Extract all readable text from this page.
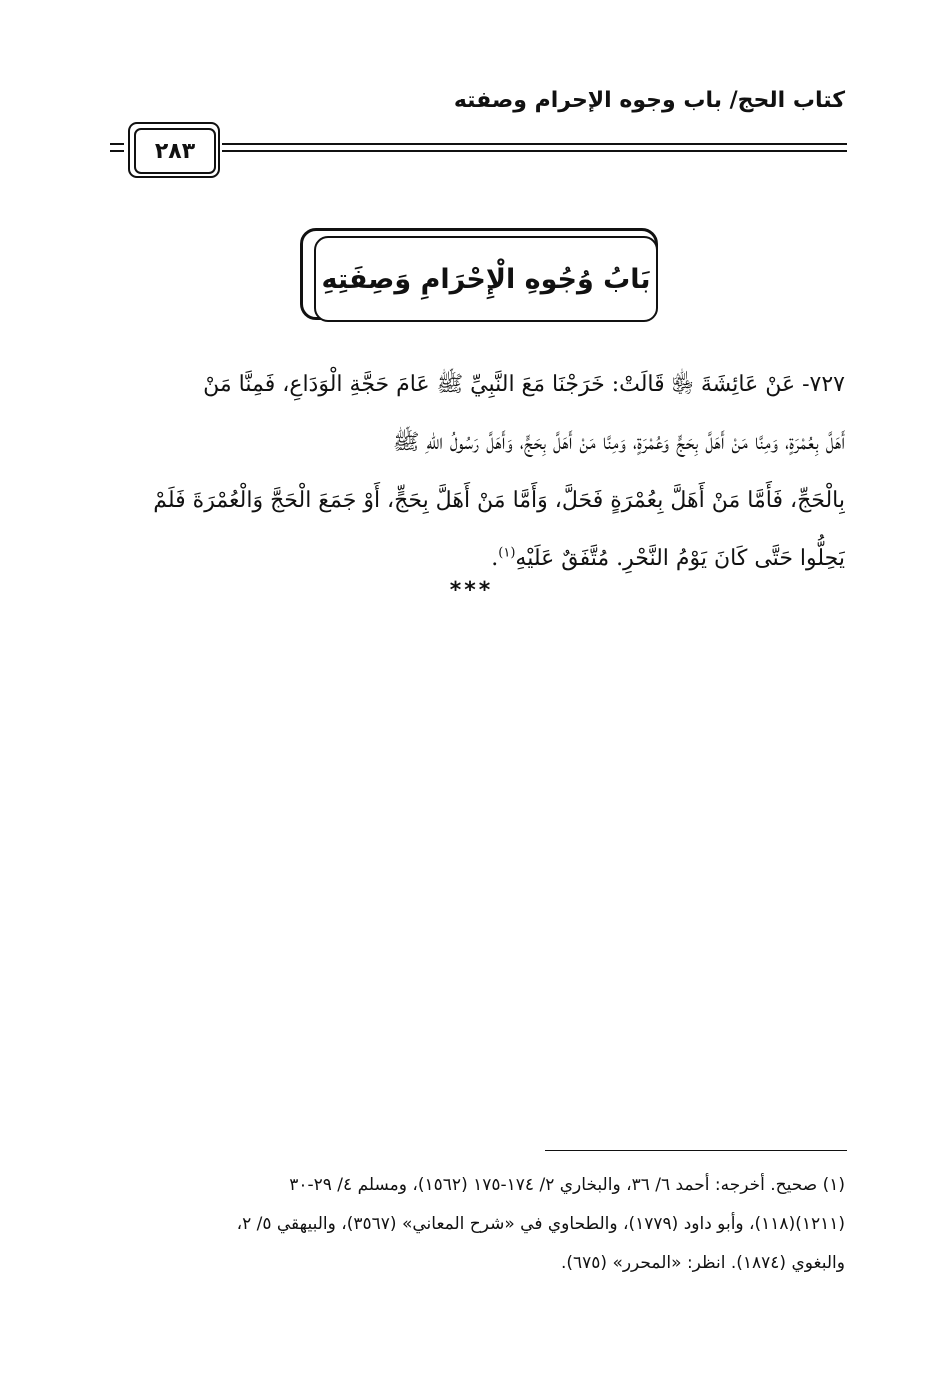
كتاب الحج/ باب وجوه الإحرام وصفته
٢٨٣
بَابُ وُجُوهِ الْإِحْرَامِ وَصِفَتِهِ
٧٢٧- عَنْ عَائِشَةَ ﵂ قَالَتْ: خَرَجْنَا مَعَ النَّبِيِّ ﷺ عَامَ حَجَّةِ الْوَدَاعِ، فَمِنَّا مَنْ
أَهَلَّ بِعُمْرَةٍ، وَمِنَّا مَنْ أَهَلَّ بِحَجٍّ وَعُمْرَةٍ، وَمِنَّا مَنْ أَهَلَّ بِحَجٍّ، وَأَهَلَّ رَسُولُ اللهِ ﷺ
بِالْحَجِّ، فَأَمَّا مَنْ أَهَلَّ بِعُمْرَةٍ فَحَلَّ، وَأَمَّا مَنْ أَهَلَّ بِحَجٍّ، أَوْ جَمَعَ الْحَجَّ وَالْعُمْرَةَ فَلَمْ
يَحِلُّوا حَتَّى كَانَ يَوْمُ النَّحْرِ. مُتَّفَقٌ عَلَيْهِ$^{(١)}$.
***
(١) صحيح. أخرجه: أحمد ٦/ ٣٦، والبخاري ٢/ ١٧٤-١٧٥ (١٥٦٢)، ومسلم ٤/ ٢٩-٣٠
(١٢١١)(١١٨)، وأبو داود (١٧٧٩)، والطحاوي في «شرح المعاني» (٣٥٦٧)، والبيهقي ٥/ ٢،
والبغوي (١٨٧٤). انظر: «المحرر» (٦٧٥).
